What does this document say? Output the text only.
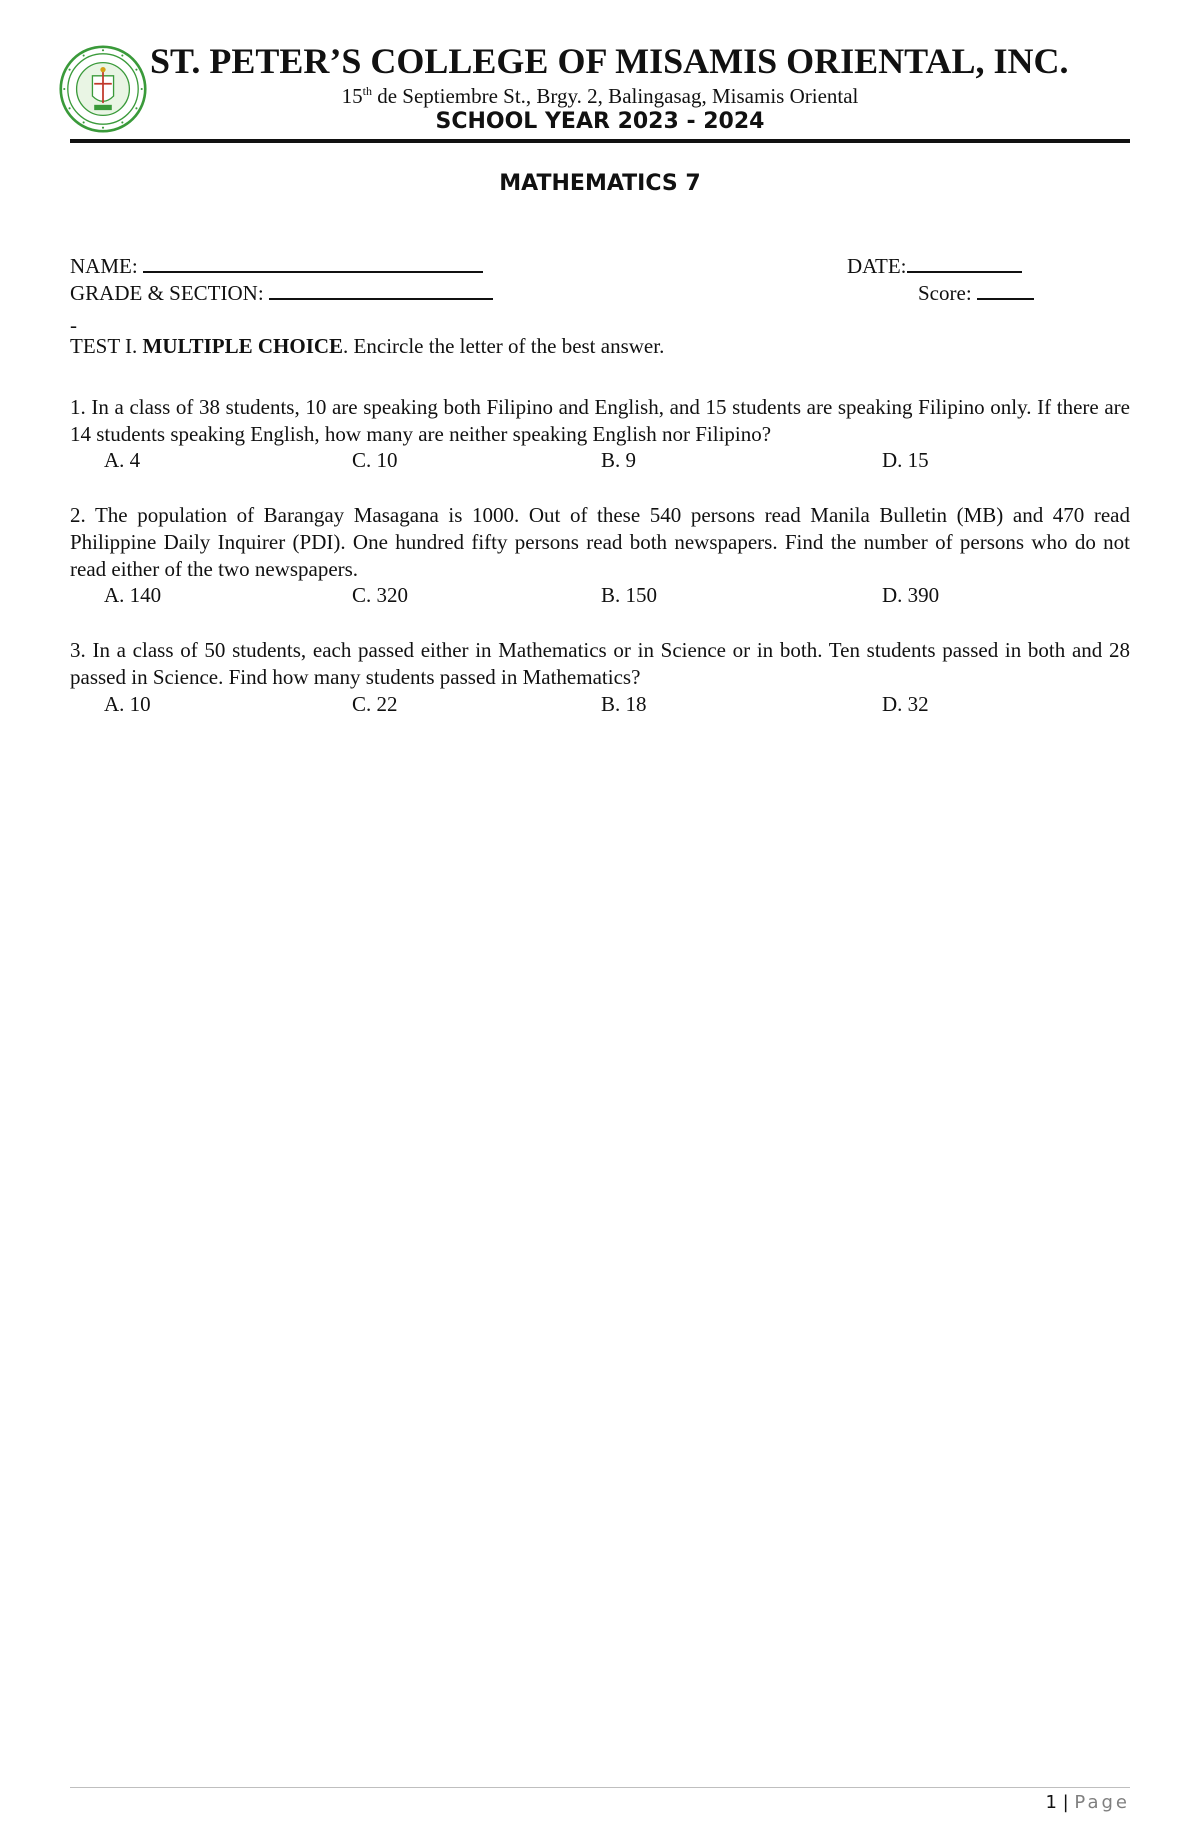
ST. PETER’S COLLEGE OF MISAMIS ORIENTAL, INC.
15th de Septiembre St., Brgy. 2, Balingasag, Misamis Oriental
SCHOOL YEAR 2023 - 2024
MATHEMATICS 7
NAME:	DATE:
GRADE & SECTION:	Score:
-
TEST I. MULTIPLE CHOICE. Encircle the letter of the best answer.
1. In a class of 38 students, 10 are speaking both Filipino and English, and 15 students are speaking Filipino only. If there are 14 students speaking English, how many are neither speaking English nor Filipino?
A. 4	C. 10	B. 9	D. 15
2. The population of Barangay Masagana is 1000. Out of these 540 persons read Manila Bulletin (MB) and 470 read Philippine Daily Inquirer (PDI). One hundred fifty persons read both newspapers. Find the number of persons who do not read either of the two newspapers.
A. 140	C. 320	B. 150	D. 390
3. In a class of 50 students, each passed either in Mathematics or in Science or in both. Ten students passed in both and 28 passed in Science. Find how many students passed in Mathematics?
A. 10	C. 22	B. 18	D. 32
1 | Page
